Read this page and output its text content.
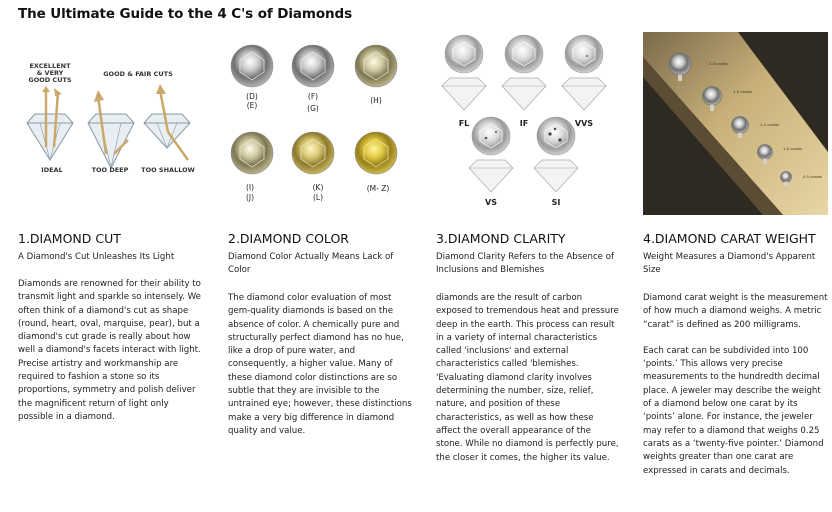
The Ultimate Guide to the 4 C's of Diamonds
EXCELLENT
& VERY
GOOD CUTS
GOOD & FAIR CUTS
IDEAL	TOO DEEP TOO SHALLOW
1.DIAMOND CUT
A Diamond's Cut Unleashes Its Light
Diamonds are renowned for their ability to transmit light and sparkle so intensely. We often think of a diamond's cut as shape (round, heart, oval, marquise, pear), but a diamond's cut grade is really about how well a diamond's facets interact with light. Precise artistry and workmanship are required to fashion a stone so its proportions, symmetry and polish deliver the magnificent return of light only possible in a diamond.
(D)
(E)
(F)
(G)
(H)
(I)
(J)
(K)
(L)
(M- Z)
2.DIAMOND COLOR
Diamond Color Actually Means Lack of Color
The diamond color evaluation of most gem-quality diamonds is based on the absence of color. A chemically pure and structurally perfect diamond has no hue, like a drop of pure water, and consequently, a higher value. Many of these diamond color distinctions are so subtle that they are invisible to the untrained eye; however, these distinctions make a very big difference in diamond quality and value.
FL	IF	VVS
VS	SI
3.DIAMOND CLARITY
Diamond Clarity Refers to the Absence of Inclusions and Blemishes
diamonds are the result of carbon exposed to tremendous heat and pressure deep in the earth. This process can result in a variety of internal characteristics called 'inclusions' and external characteristics called 'blemishes. 'Evaluating diamond clarity involves determining the number, size, relief, nature, and position of these characteristics, as well as how these affect the overall appearance of the stone. While no diamond is perfectly pure, the closer it comes, the higher its value.
2.0 carats
1.5 carats
1.2 carats
1.0 carats
0.5 carats
4.DIAMOND CARAT WEIGHT
Weight Measures a Diamond's Apparent Size
Diamond carat weight is the measurement of how much a diamond weighs. A metric “carat” is defined as 200 milligrams.
Each carat can be subdivided into 100 ‘points.’ This allows very precise measurements to the hundredth decimal place. A jeweler may describe the weight of a diamond below one carat by its ‘points’ alone. For instance, the jeweler may refer to a diamond that weighs 0.25 carats as a ‘twenty-five pointer.’ Diamond weights greater than one carat are expressed in carats and decimals.
